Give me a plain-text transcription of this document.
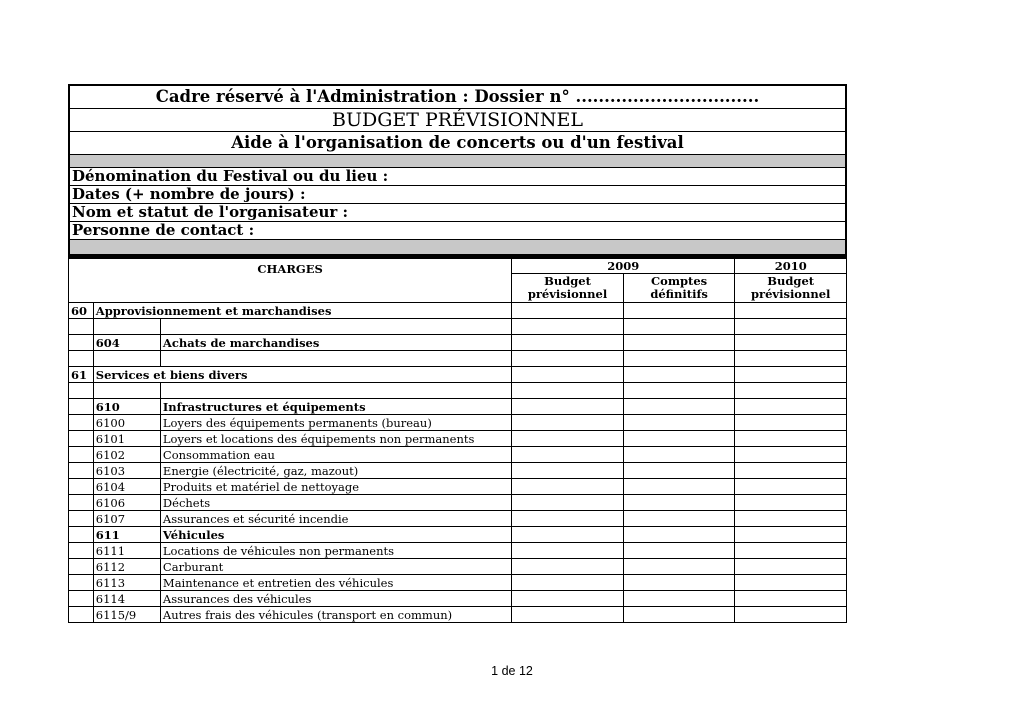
Cadre réservé à l'Administration : Dossier n° ................................
BUDGET PRÉVISIONNEL
Aide à l'organisation de concerts ou d'un festival
Dénomination du Festival ou du lieu :
Dates (+ nombre de jours) :
Nom et statut de l'organisateur :
Personne de contact :
CHARGES			2009		2010
			Budget prévisionnel	Comptes définitifs	Budget prévisionnel
60	Approvisionnement et marchandises				

	604	Achats de marchandises			

61	Services et biens divers				

	610	Infrastructures et équipements			
	6100	Loyers des équipements permanents (bureau)			
	6101	Loyers et locations des équipements non permanents			
	6102	Consommation eau			
	6103	Energie (électricité, gaz, mazout)			
	6104	Produits et matériel de nettoyage			
	6106	Déchets			
	6107	Assurances et sécurité incendie			
	611	Véhicules			
	6111	Locations de véhicules non permanents			
	6112	Carburant			
	6113	Maintenance et entretien des véhicules			
	6114	Assurances des véhicules			
	6115/9	Autres frais des véhicules (transport en commun)			
1 de 12
